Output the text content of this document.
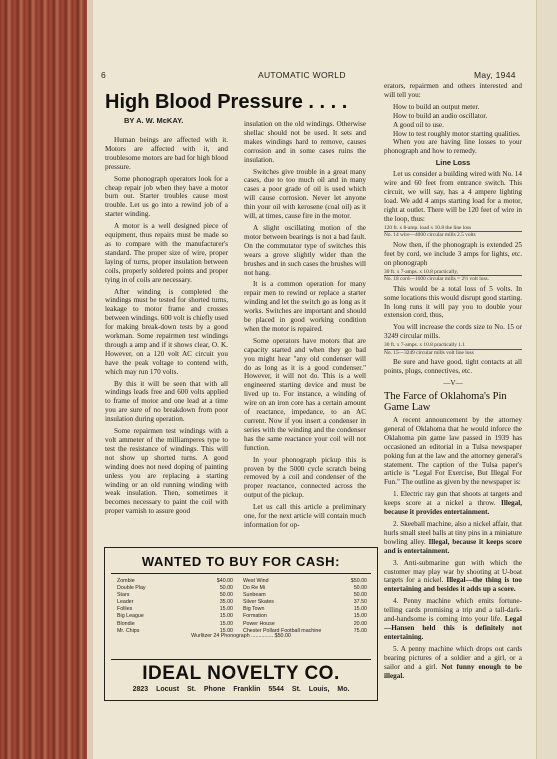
6	AUTOMATIC WORLD	May, 1944
High Blood Pressure . . . .
BY A. W. McKAY.

Human beings are affected with it. Motors are affected with it, and troublesome motors are bad for high blood pressure.

Some phonograph operators look for a cheap repair job when they have a motor burn out. Starter troubles cause most trouble. Let us go into a rewind job of a starter winding.

A motor is a well designed piece of equipment, thus repairs must be made so as to compare with the manufacturer's standard. The proper size of wire, proper laying of turns, proper insulation between coils, properly soldered points and proper tying in of coils are necessary.

After winding is completed the windings must be tested for shorted turns, leakage to motor frame and crosses between windings. 600 volt is chiefly used for making break-down tests by a good workman. Some repairmen test windings through a amp and if it shows clear, O. K. However, on a 120 volt AC circuit you have the peak voltage to contend with, which may run 170 volts.

By this it will be seen that with all windings leads free and 600 volts applied to frame of motor and one lead at a time you are sure of no breakdown from poor insulation during operation.

Some repairmen test windings with a volt ammeter of the milliamperes type to test the resistance of windings. This will not show up shorted turns. A good winding does not need doping of painting unless you are replacing a starting winding or an old running winding with weak insulation. Then, sometimes it becomes necessary to paint the coil with proper varnish to assure good

insulation on the old windings. Otherwise shellac should not be used. It sets and makes windings hard to remove, causes corrosion and in some cases ruins the insulation.

Switches give trouble in a great many cases, due to too much oil and in many cases a poor grade of oil is used which will cause corrosion. Never let anyone thin your oil with kerosene (coal oil) as it will, at times, cause fire in the motor.

A slight oscillating motion of the motor between bearings is not a bad fault. On the commutator type of switches this wears a grove slightly wider than the brushes and in such cases the brushes will not hang.

It is a common operation for many repair men to rewind or replace a starter winding and let the switch go as long as it works. Switches are important and should be placed in good working condition when the motor is repaired.

Some operators have motors that are capacity started and when they go bad you might hear "any old condenser will do as long as it is a good condenser." However, it will not do. This is a well engineered starting device and must be lived up to. For instance, a winding of wire on an iron core has a certain amount of reactance, impedance, to an AC current. Now if you insert a condenser in series with the winding and the condenser has the same reactance your coil will not function.

In your phonograph pickup this is proven by the 5000 cycle scratch being removed by a coil and condenser of the proper reactance, connected across the output of the pickup.

Let us call this article a preliminary one, for the next article will contain much information for op-

erators, repairmen and others interested and will tell you:

How to build an output meter.

How to build an audio oscillator.

A good oil to use.

How to test roughly motor starting qualities.

When you are having line losses to your phonograph and how to remedy.

Line Loss

Let us consider a building wired with No. 14 wire and 60 feet from entrance switch. This circuit, we will say, has a 4 ampere lighting load. We add 4 amps starting load for a motor, right at outlet. There will be 120 feet of wire in the loop, thus:

120 ft. x 8-amp. load x 10.8 the line loss

No. 14 wire—4000 circular mills 2.5 volts

Now then, if the phonograph is extended 25 feet by cord, we include 3 amps for lights, etc. on phonograph

30 ft. x 7-amps. x 10.8 practically,

No. 18 cord—1600 circular mills = 2½ volt loss.

This would be a total loss of 5 volts. In some locations this would disrupt good starting. In long runs it will pay you to double your extension cord, thus,

You will increase the cords size to No. 15 or 3249 circular mills.

30 ft. x 7-amps. x 10.8 practically 1.1

No. 15—3249 circular mills volt line loss

Be sure and have good, tight contacts at all points, plugs, connectives, etc.

—V—
The Farce of Oklahoma's Pin Game Law

A recent announcement by the attorney general of Oklahoma that he would inforce the Oklahoma pin game law passed in 1939 has occasioned an editorial in a Tulsa newspaper poking fun at the law and the attorney general's statement. The caption of the Tulsa paper's article is "Legal For Exercise, But Illegal For Fun." The outline as given by the newspaper is:

1. Electric ray gun that shoots at targets and keeps score at a nickel a throw. Illegal, because it provides entertainment.

2. Skeeball machine, also a nickel affair, that hurls small steel balls at tiny pins in a miniature bowling alley. Illegal, because it keeps score and is entertainment.

3. Anti-submarine gun with which the customer may play war by shooting at U-boat targets for a nickel. Illegal—the thing is too entertaining and besides it adds up a score.

4. Penny machine which emits fortune-telling cards promising a trip and a tall-dark-and-handsome is coming into your life. Legal—Hansen held this is definitely not entertaining.

5. A penny machine which drops out cards bearing pictures of a soldier and a girl, or a sailor and a girl. Not funny enough to be illegal.

WANTED TO BUY FOR CASH:
Zombie	$40.00
Double Play	50.00
Stars	50.00
Leader	35.00
Follies	15.00
Big League	15.00
Blondie	15.00
Mr. Chips	15.00
West Wind	$50.00
Do Re Mi	50.00
Sunbeam	50.00
Silver Skates	37.50
Big Town	15.00
Formation	15.00
Power House	20.00
Chester Pollard Football machine	75.00
Wurlitzer 24 Phonograph ............... $50.00
IDEAL NOVELTY CO.
2823 Locust St. Phone Franklin 5544 St. Louis, Mo.
